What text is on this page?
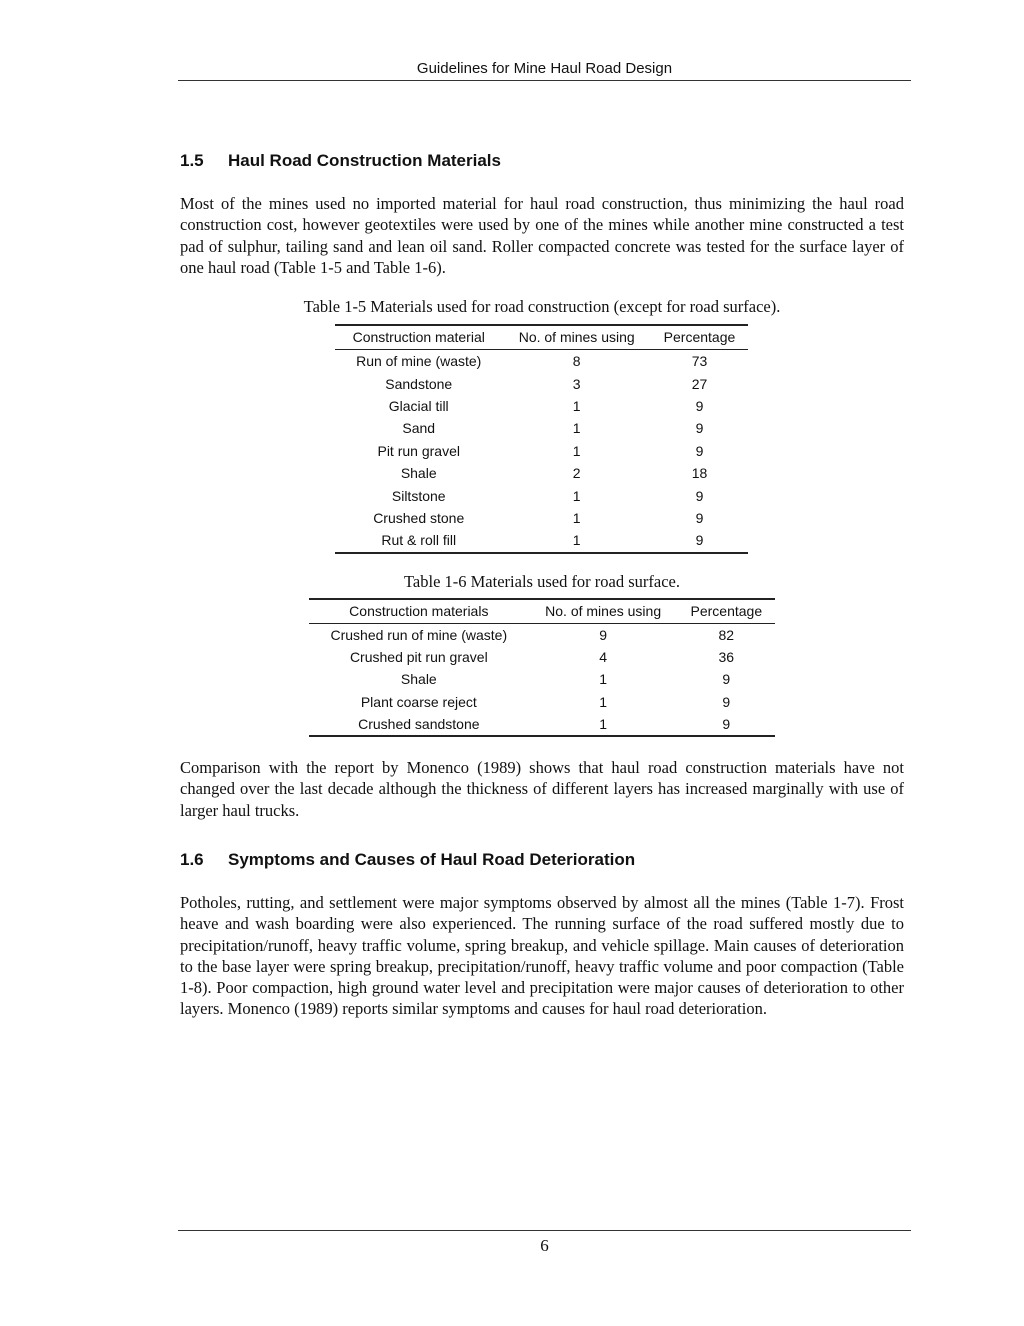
Guidelines for Mine Haul Road Design
1.5 Haul Road Construction Materials

Most of the mines used no imported material for haul road construction, thus minimizing the haul road construction cost, however geotextiles were used by one of the mines while another mine constructed a test pad of sulphur, tailing sand and lean oil sand. Roller compacted concrete was tested for the surface layer of one haul road (Table 1-5 and Table 1-6).

Table 1-5 Materials used for road construction (except for road surface).

Construction material	No. of mines using	Percentage
Run of mine (waste)	8	73
Sandstone	3	27
Glacial till	1	9
Sand	1	9
Pit run gravel	1	9
Shale	2	18
Siltstone	1	9
Crushed stone	1	9
Rut & roll fill	1	9

Table 1-6 Materials used for road surface.

Construction materials	No. of mines using	Percentage
Crushed run of mine (waste)	9	82
Crushed pit run gravel	4	36
Shale	1	9
Plant coarse reject	1	9
Crushed sandstone	1	9

Comparison with the report by Monenco (1989) shows that haul road construction materials have not changed over the last decade although the thickness of different layers has increased marginally with use of larger haul trucks.

1.6 Symptoms and Causes of Haul Road Deterioration

Potholes, rutting, and settlement were major symptoms observed by almost all the mines (Table 1-7). Frost heave and wash boarding were also experienced. The running surface of the road suffered mostly due to precipitation/runoff, heavy traffic volume, spring breakup, and vehicle spillage. Main causes of deterioration to the base layer were spring breakup, precipitation/runoff, heavy traffic volume and poor compaction (Table 1-8). Poor compaction, high ground water level and precipitation were major causes of deterioration to other layers. Monenco (1989) reports similar symptoms and causes for haul road deterioration.

6
